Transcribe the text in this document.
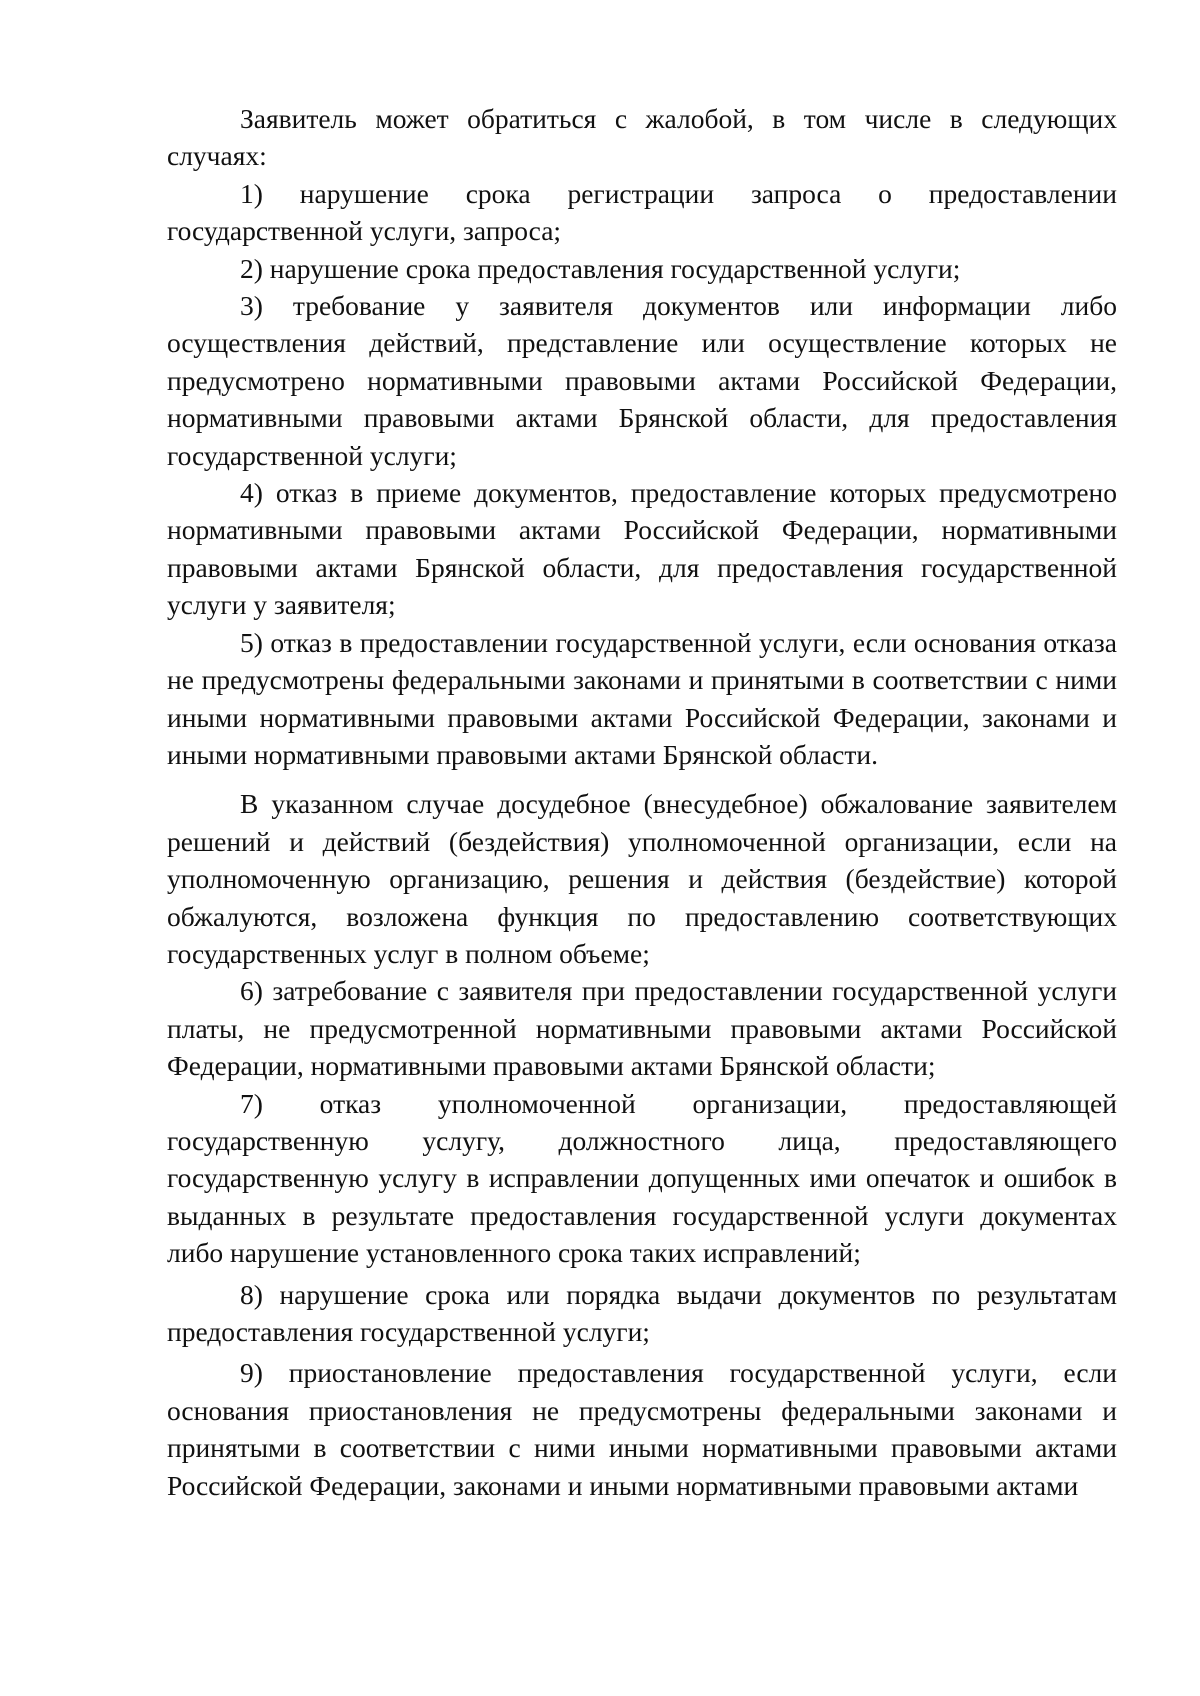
Заявитель может обратиться с жалобой, в том числе в следующих случаях:

1) нарушение срока регистрации запроса о предоставлении государственной услуги, запроса;

2) нарушение срока предоставления государственной услуги;

3) требование у заявителя документов или информации либо осуществления действий, представление или осуществление которых не предусмотрено нормативными правовыми актами Российской Федерации, нормативными правовыми актами Брянской области, для предоставления государственной услуги;

4) отказ в приеме документов, предоставление которых предусмотрено нормативными правовыми актами Российской Федерации, нормативными правовыми актами Брянской области, для предоставления государственной услуги у заявителя;

5) отказ в предоставлении государственной услуги, если основания отказа не предусмотрены федеральными законами и принятыми в соответствии с ними иными нормативными правовыми актами Российской Федерации, законами и иными нормативными правовыми актами Брянской области.

В указанном случае досудебное (внесудебное) обжалование заявителем решений и действий (бездействия) уполномоченной организации, если на уполномоченную организацию, решения и действия (бездействие) которой обжалуются, возложена функция по предоставлению соответствующих государственных услуг в полном объеме;

6) затребование с заявителя при предоставлении государственной услуги платы, не предусмотренной нормативными правовыми актами Российской Федерации, нормативными правовыми актами Брянской области;

7) отказ уполномоченной организации, предоставляющей государственную услугу, должностного лица, предоставляющего государственную услугу в исправлении допущенных ими опечаток и ошибок в выданных в результате предоставления государственной услуги документах либо нарушение установленного срока таких исправлений;

8) нарушение срока или порядка выдачи документов по результатам предоставления государственной услуги;

9) приостановление предоставления государственной услуги, если основания приостановления не предусмотрены федеральными законами и принятыми в соответствии с ними иными нормативными правовыми актами Российской Федерации, законами и иными нормативными правовыми актами
